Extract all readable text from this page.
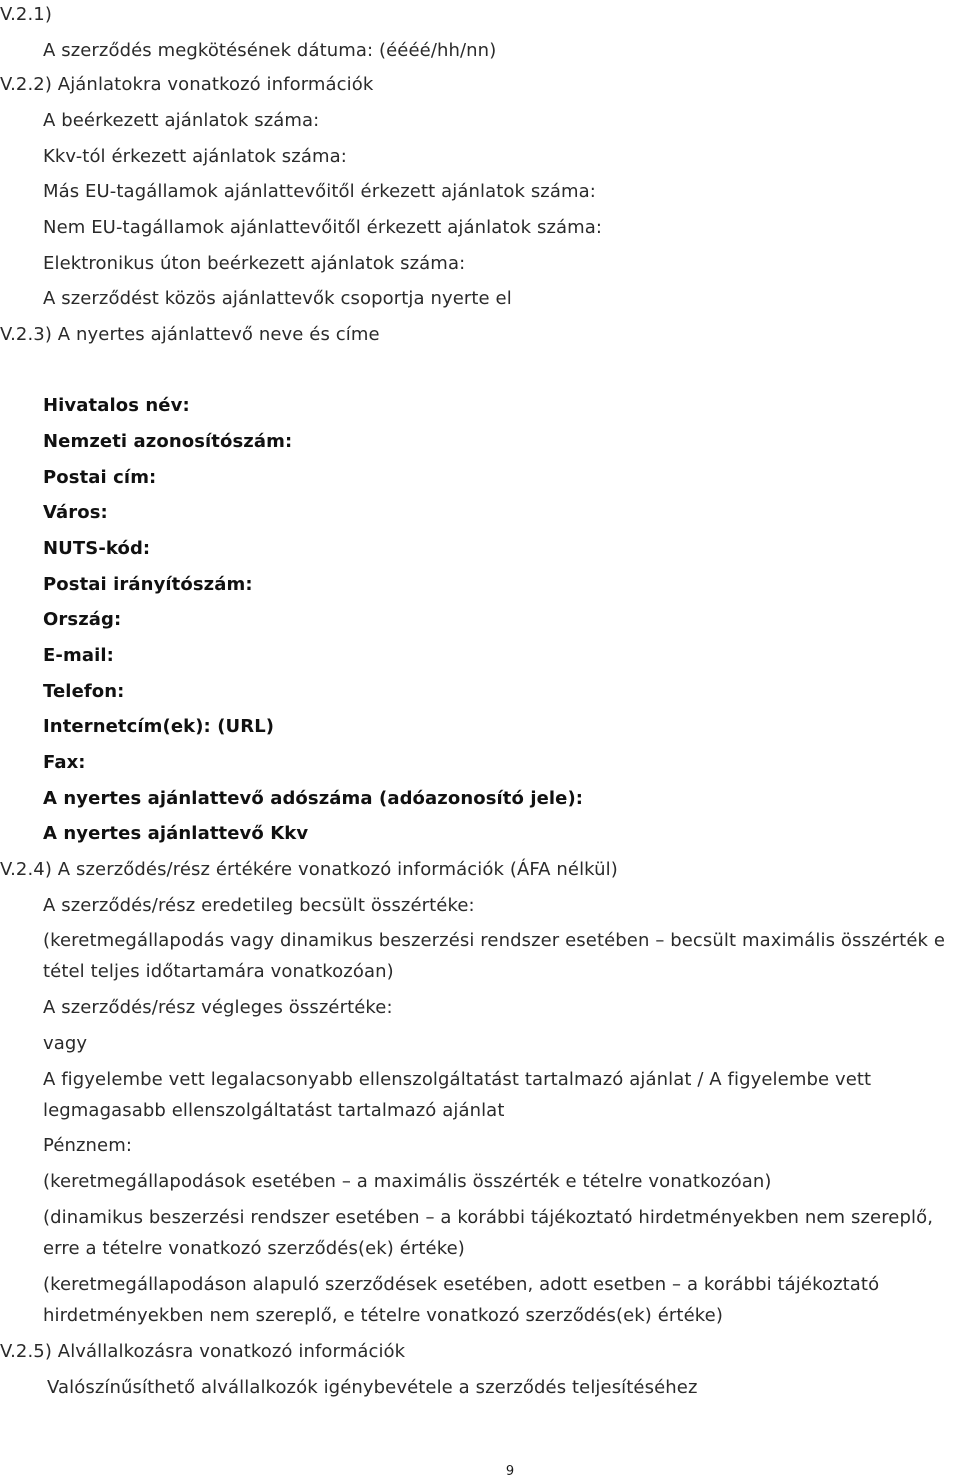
V.2.1)
A szerződés megkötésének dátuma: (éééé/hh/nn)
V.2.2) Ajánlatokra vonatkozó információk
A beérkezett ajánlatok száma:
Kkv-tól érkezett ajánlatok száma:
Más EU-tagállamok ajánlattevőitől érkezett ajánlatok száma:
Nem EU-tagállamok ajánlattevőitől érkezett ajánlatok száma:
Elektronikus úton beérkezett ajánlatok száma:
A szerződést közös ajánlattevők csoportja nyerte el
V.2.3) A nyertes ajánlattevő neve és címe
Hivatalos név:
Nemzeti azonosítószám:
Postai cím:
Város:
NUTS-kód:
Postai irányítószám:
Ország:
E-mail:
Telefon:
Internetcím(ek): (URL)
Fax:
A nyertes ajánlattevő adószáma (adóazonosító jele):
A nyertes ajánlattevő Kkv
V.2.4) A szerződés/rész értékére vonatkozó információk (ÁFA nélkül)
A szerződés/rész eredetileg becsült összértéke:
(keretmegállapodás vagy dinamikus beszerzési rendszer esetében – becsült maximális összérték e
tétel teljes időtartamára vonatkozóan)
A szerződés/rész végleges összértéke:
vagy
A figyelembe vett legalacsonyabb ellenszolgáltatást tartalmazó ajánlat / A figyelembe vett
legmagasabb ellenszolgáltatást tartalmazó ajánlat
Pénznem:
(keretmegállapodások esetében – a maximális összérték e tételre vonatkozóan)
(dinamikus beszerzési rendszer esetében – a korábbi tájékoztató hirdetményekben nem szereplő,
erre a tételre vonatkozó szerződés(ek) értéke)
(keretmegállapodáson alapuló szerződések esetében, adott esetben – a korábbi tájékoztató
hirdetményekben nem szereplő, e tételre vonatkozó szerződés(ek) értéke)
V.2.5) Alvállalkozásra vonatkozó információk
Valószínűsíthető alvállalkozók igénybevétele a szerződés teljesítéséhez
9
